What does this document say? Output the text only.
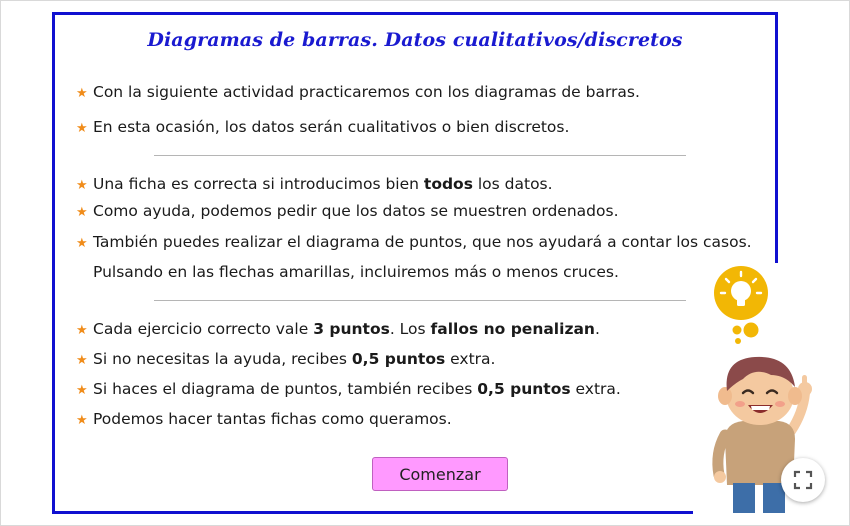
Diagramas de barras. Datos cualitativos/discretos
★ Con la siguiente actividad practicaremos con los diagramas de barras.
★ En esta ocasión, los datos serán cualitativos o bien discretos.
★ Una ficha es correcta si introducimos bien todos los datos.
★ Como ayuda, podemos pedir que los datos se muestren ordenados.
★ También puedes realizar el diagrama de puntos, que nos ayudará a contar los casos.
Pulsando en las flechas amarillas, incluiremos más o menos cruces.
★ Cada ejercicio correcto vale 3 puntos. Los fallos no penalizan.
★ Si no necesitas la ayuda, recibes 0,5 puntos extra.
★ Si haces el diagrama de puntos, también recibes 0,5 puntos extra.
★ Podemos hacer tantas fichas como queramos.
Comenzar
